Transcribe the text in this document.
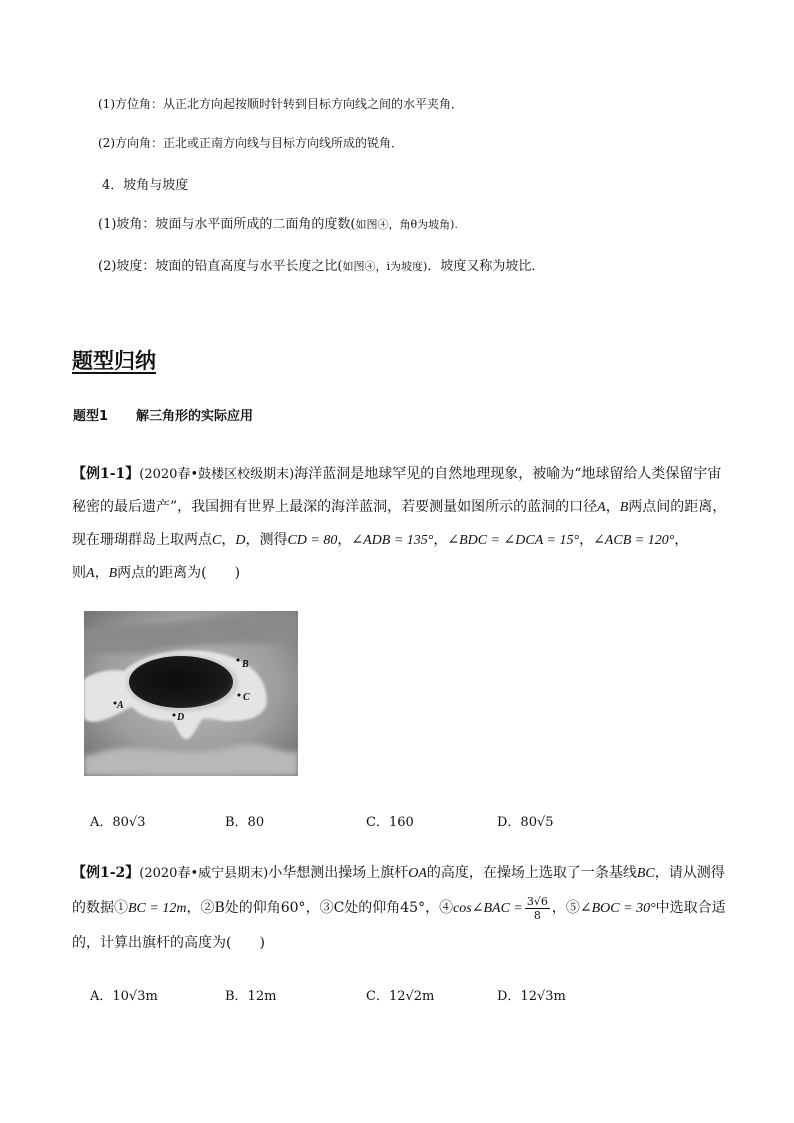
(1)方位角：从正北方向起按顺时针转到目标方向线之间的水平夹角．
(2)方向角：正北或正南方向线与目标方向线所成的锐角．
4．坡角与坡度
(1)坡角：坡面与水平面所成的二面角的度数(如图④，角θ为坡角).
(2)坡度：坡面的铅直高度与水平长度之比(如图④，i为坡度)．坡度又称为坡比．
题型归纳
题型1 解三角形的实际应用
【例1-1】(2020春•鼓楼区校级期末)海洋蓝洞是地球罕见的自然地理现象，被喻为“地球留给人类保留宇宙秘密的最后遗产”，我国拥有世界上最深的海洋蓝洞，若要测量如图所示的蓝洞的口径A，B两点间的距离，现在珊瑚群岛上取两点C，D，测得CD = 80，∠ADB = 135°，∠BDC = ∠DCA = 15°，∠ACB = 120°，
则A，B两点的距离为(　　)
B
C
A
D
A．80√3	B．80	C．160	D．80√5
【例1-2】(2020春•威宁县期末)小华想测出操场上旗杆OA的高度，在操场上选取了一条基线BC，请从测得的数据①BC = 12m，②B处的仰角60°，③C处的仰角45°，④cos∠BAC = $\frac{3√6}{8}$ ，⑤∠BOC = 30°中选取合适的，计算出旗杆的高度为(　　)
A．10√3m	B．12m	C．12√2m	D．12√3m
